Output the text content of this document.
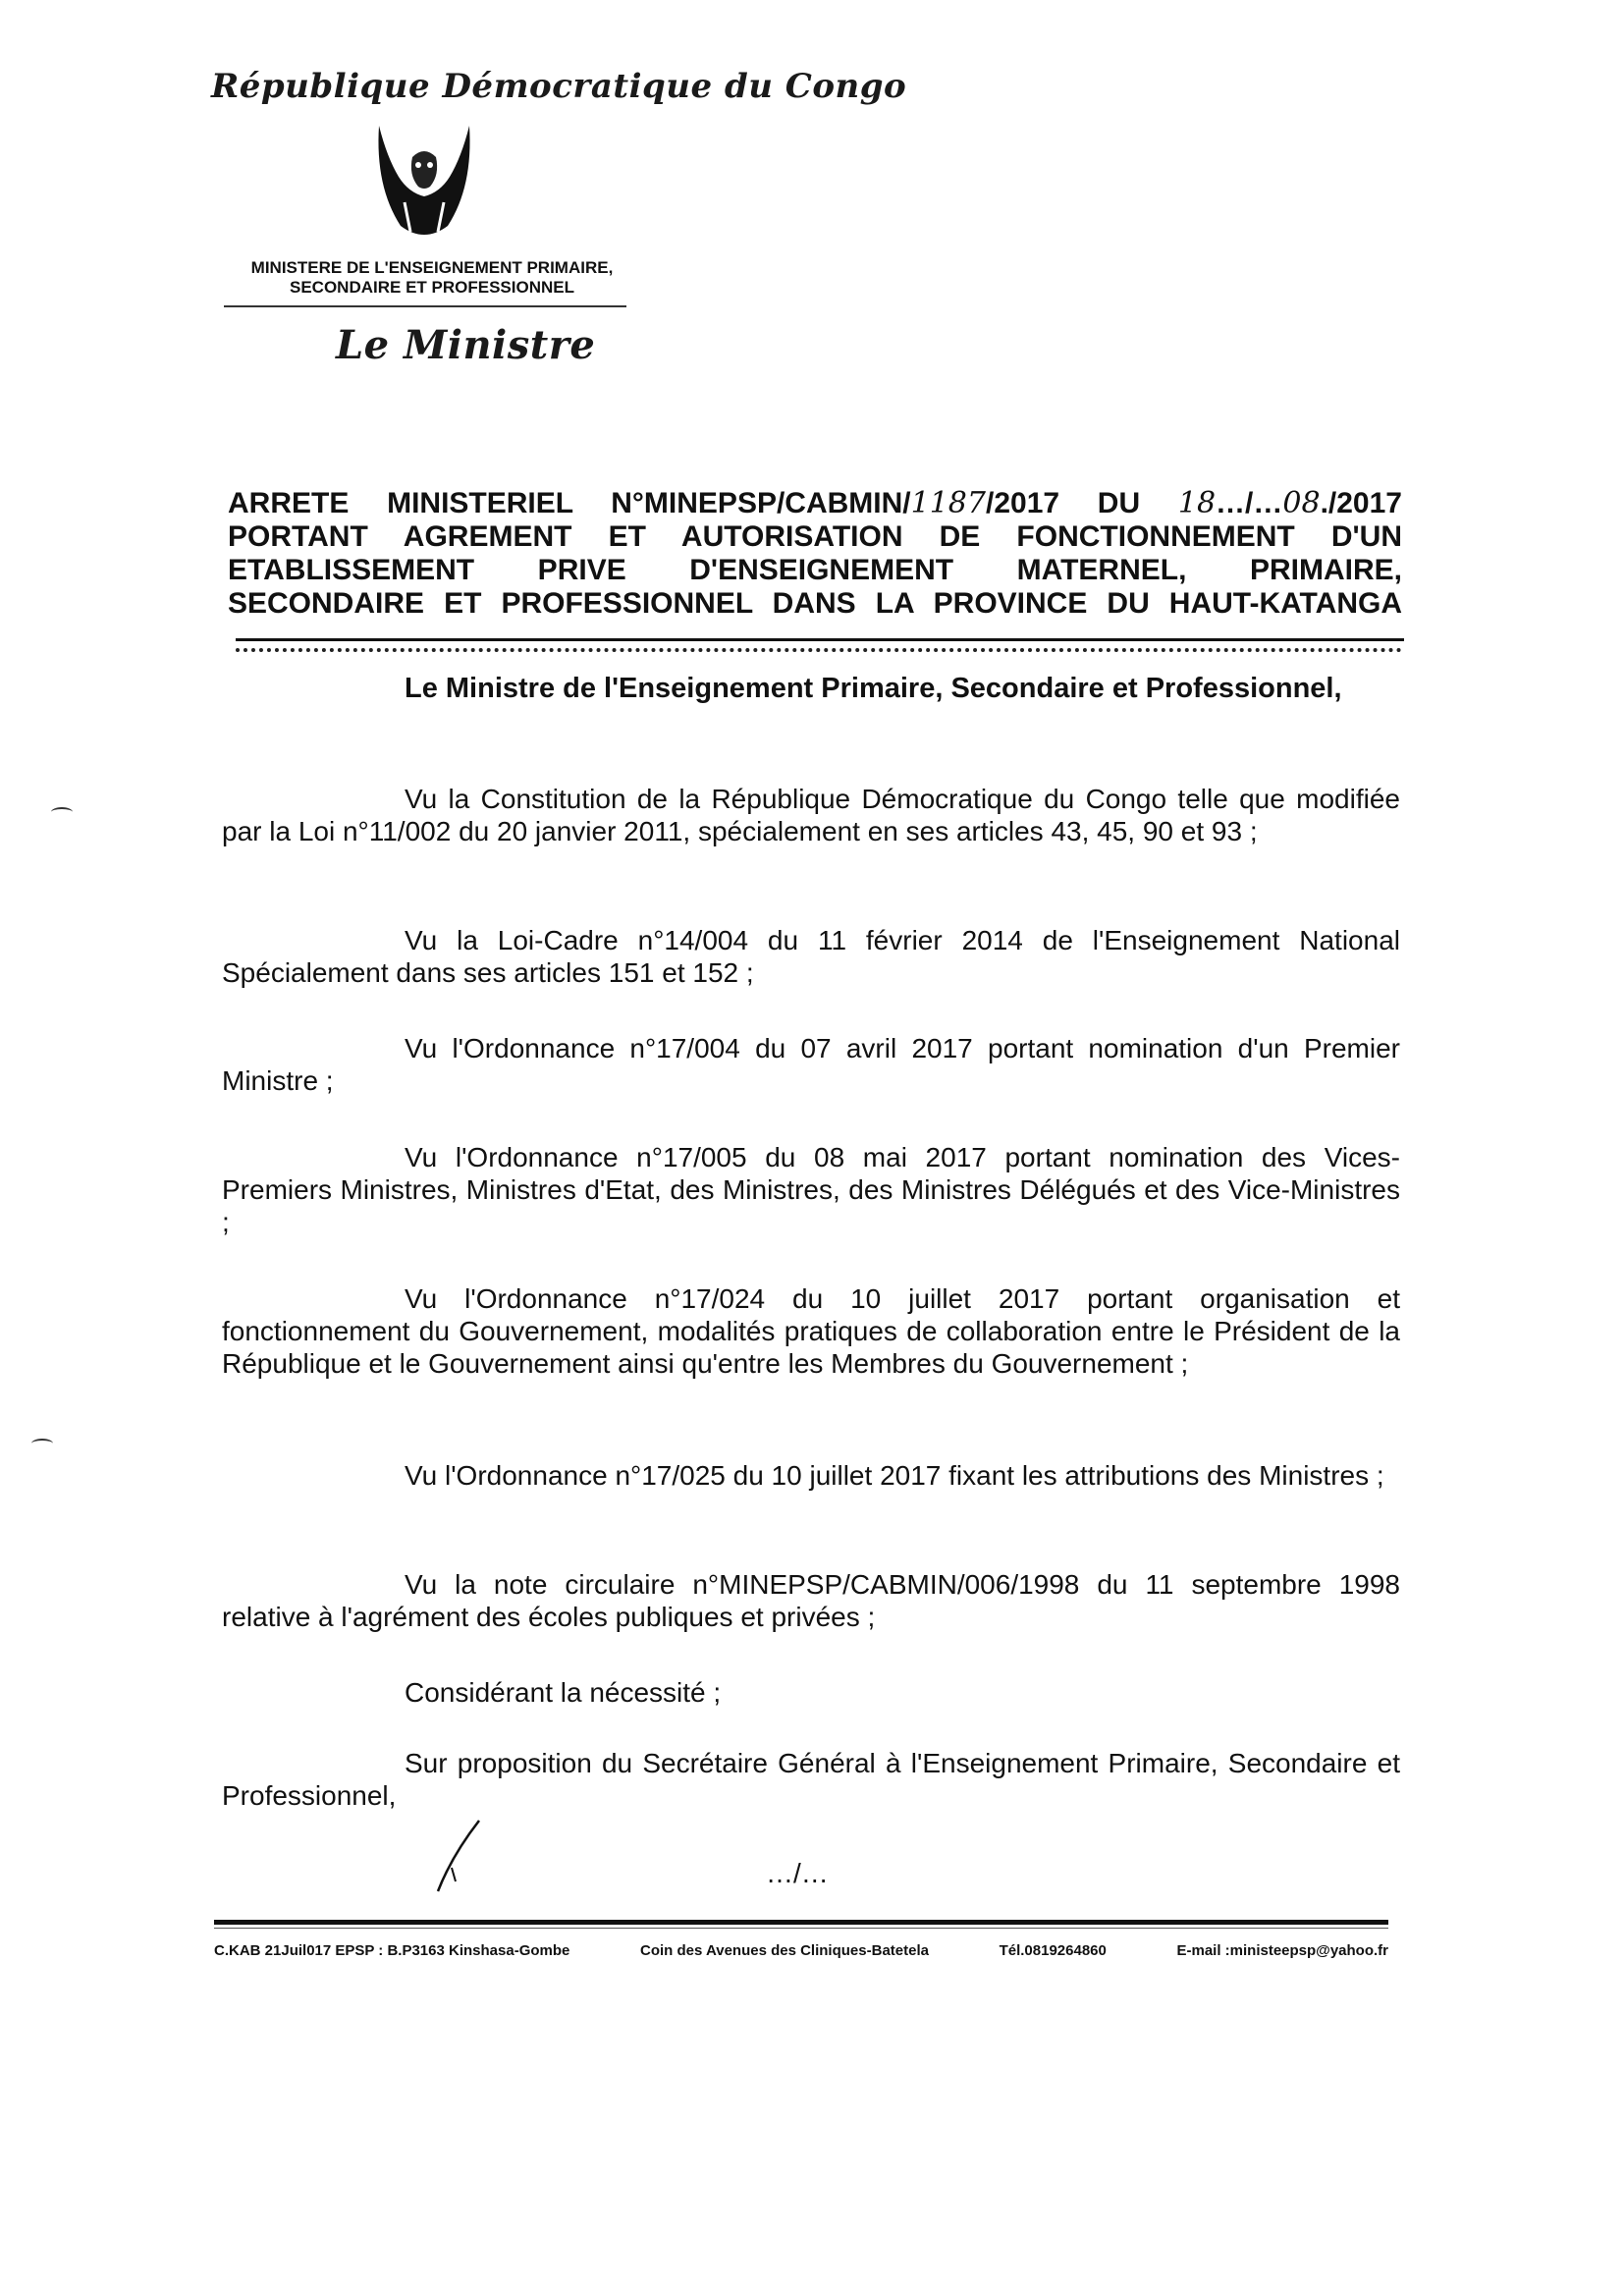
République Démocratique du Congo
MINISTERE DE L'ENSEIGNEMENT PRIMAIRE,
SECONDAIRE ET PROFESSIONNEL
Le Ministre
ARRETE MINISTERIEL N°MINEPSP/CABMIN/1187/2017 DU 18…/…08./2017
PORTANT AGREMENT ET AUTORISATION DE FONCTIONNEMENT D'UN
ETABLISSEMENT PRIVE D'ENSEIGNEMENT MATERNEL, PRIMAIRE,
SECONDAIRE ET PROFESSIONNEL DANS LA PROVINCE DU HAUT-KATANGA
Le Ministre de l'Enseignement Primaire, Secondaire et Professionnel,
Vu la Constitution de la République Démocratique du Congo telle que modifiée par la Loi n°11/002 du 20 janvier 2011, spécialement en ses articles 43, 45, 90 et 93 ;
Vu la Loi-Cadre n°14/004 du 11 février 2014 de l'Enseignement National Spécialement dans ses articles 151 et 152 ;
Vu l'Ordonnance n°17/004 du 07 avril 2017 portant nomination d'un Premier Ministre ;
Vu l'Ordonnance n°17/005 du 08 mai 2017 portant nomination des Vices-Premiers Ministres, Ministres d'Etat, des Ministres, des Ministres Délégués et des Vice-Ministres ;
Vu l'Ordonnance n°17/024 du 10 juillet 2017 portant organisation et fonctionnement du Gouvernement, modalités pratiques de collaboration entre le Président de la République et le Gouvernement ainsi qu'entre les Membres du Gouvernement ;
Vu l'Ordonnance n°17/025 du 10 juillet 2017 fixant les attributions des Ministres ;
Vu la note circulaire n°MINEPSP/CABMIN/006/1998 du 11 septembre 1998 relative à l'agrément des écoles publiques et privées ;
Considérant la nécessité ;
Sur proposition du Secrétaire Général à l'Enseignement Primaire, Secondaire et Professionnel,
…/…
C.KAB 21Juil017 EPSP : B.P3163 Kinshasa-Gombe	Coin des Avenues des Cliniques-Batetela	Tél.0819264860	E-mail :ministeepsp@yahoo.fr
